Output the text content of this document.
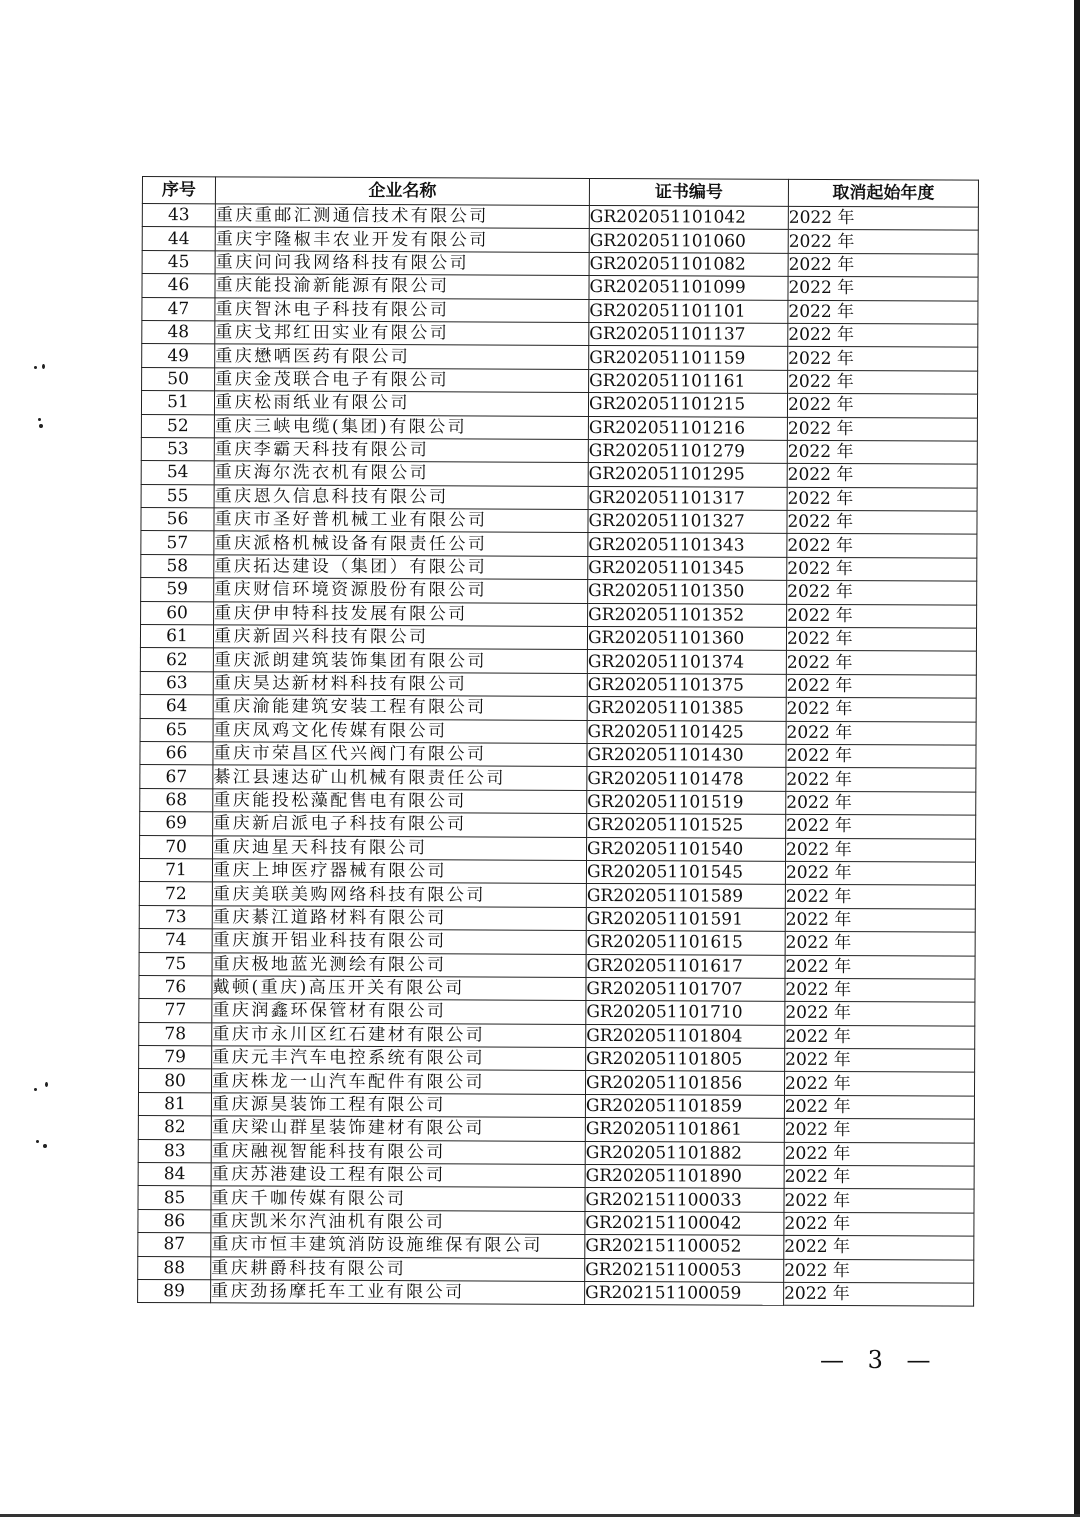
序号	企业名称	证书编号	取消起始年度
43	重庆重邮汇测通信技术有限公司	GR202051101042	2022 年
44	重庆宇隆椒丰农业开发有限公司	GR202051101060	2022 年
45	重庆问问我网络科技有限公司	GR202051101082	2022 年
46	重庆能投渝新能源有限公司	GR202051101099	2022 年
47	重庆智沐电子科技有限公司	GR202051101101	2022 年
48	重庆戈邦红田实业有限公司	GR202051101137	2022 年
49	重庆懋哂医药有限公司	GR202051101159	2022 年
50	重庆金茂联合电子有限公司	GR202051101161	2022 年
51	重庆松雨纸业有限公司	GR202051101215	2022 年
52	重庆三峡电缆(集团)有限公司	GR202051101216	2022 年
53	重庆李霸天科技有限公司	GR202051101279	2022 年
54	重庆海尔洗衣机有限公司	GR202051101295	2022 年
55	重庆恩久信息科技有限公司	GR202051101317	2022 年
56	重庆市圣好普机械工业有限公司	GR202051101327	2022 年
57	重庆派格机械设备有限责任公司	GR202051101343	2022 年
58	重庆拓达建设（集团）有限公司	GR202051101345	2022 年
59	重庆财信环境资源股份有限公司	GR202051101350	2022 年
60	重庆伊申特科技发展有限公司	GR202051101352	2022 年
61	重庆新固兴科技有限公司	GR202051101360	2022 年
62	重庆派朗建筑装饰集团有限公司	GR202051101374	2022 年
63	重庆昊达新材料科技有限公司	GR202051101375	2022 年
64	重庆渝能建筑安装工程有限公司	GR202051101385	2022 年
65	重庆凤鸡文化传媒有限公司	GR202051101425	2022 年
66	重庆市荣昌区代兴阀门有限公司	GR202051101430	2022 年
67	綦江县速达矿山机械有限责任公司	GR202051101478	2022 年
68	重庆能投松藻配售电有限公司	GR202051101519	2022 年
69	重庆新启派电子科技有限公司	GR202051101525	2022 年
70	重庆迪星天科技有限公司	GR202051101540	2022 年
71	重庆上坤医疗器械有限公司	GR202051101545	2022 年
72	重庆美联美购网络科技有限公司	GR202051101589	2022 年
73	重庆綦江道路材料有限公司	GR202051101591	2022 年
74	重庆旗开铝业科技有限公司	GR202051101615	2022 年
75	重庆极地蓝光测绘有限公司	GR202051101617	2022 年
76	戴顿(重庆)高压开关有限公司	GR202051101707	2022 年
77	重庆润鑫环保管材有限公司	GR202051101710	2022 年
78	重庆市永川区红石建材有限公司	GR202051101804	2022 年
79	重庆元丰汽车电控系统有限公司	GR202051101805	2022 年
80	重庆株龙一山汽车配件有限公司	GR202051101856	2022 年
81	重庆源昊装饰工程有限公司	GR202051101859	2022 年
82	重庆梁山群星装饰建材有限公司	GR202051101861	2022 年
83	重庆融视智能科技有限公司	GR202051101882	2022 年
84	重庆苏港建设工程有限公司	GR202051101890	2022 年
85	重庆千咖传媒有限公司	GR202151100033	2022 年
86	重庆凯米尔汽油机有限公司	GR202151100042	2022 年
87	重庆市恒丰建筑消防设施维保有限公司	GR202151100052	2022 年
88	重庆耕爵科技有限公司	GR202151100053	2022 年
89	重庆劲扬摩托车工业有限公司	GR202151100059	2022 年
— 3 —
